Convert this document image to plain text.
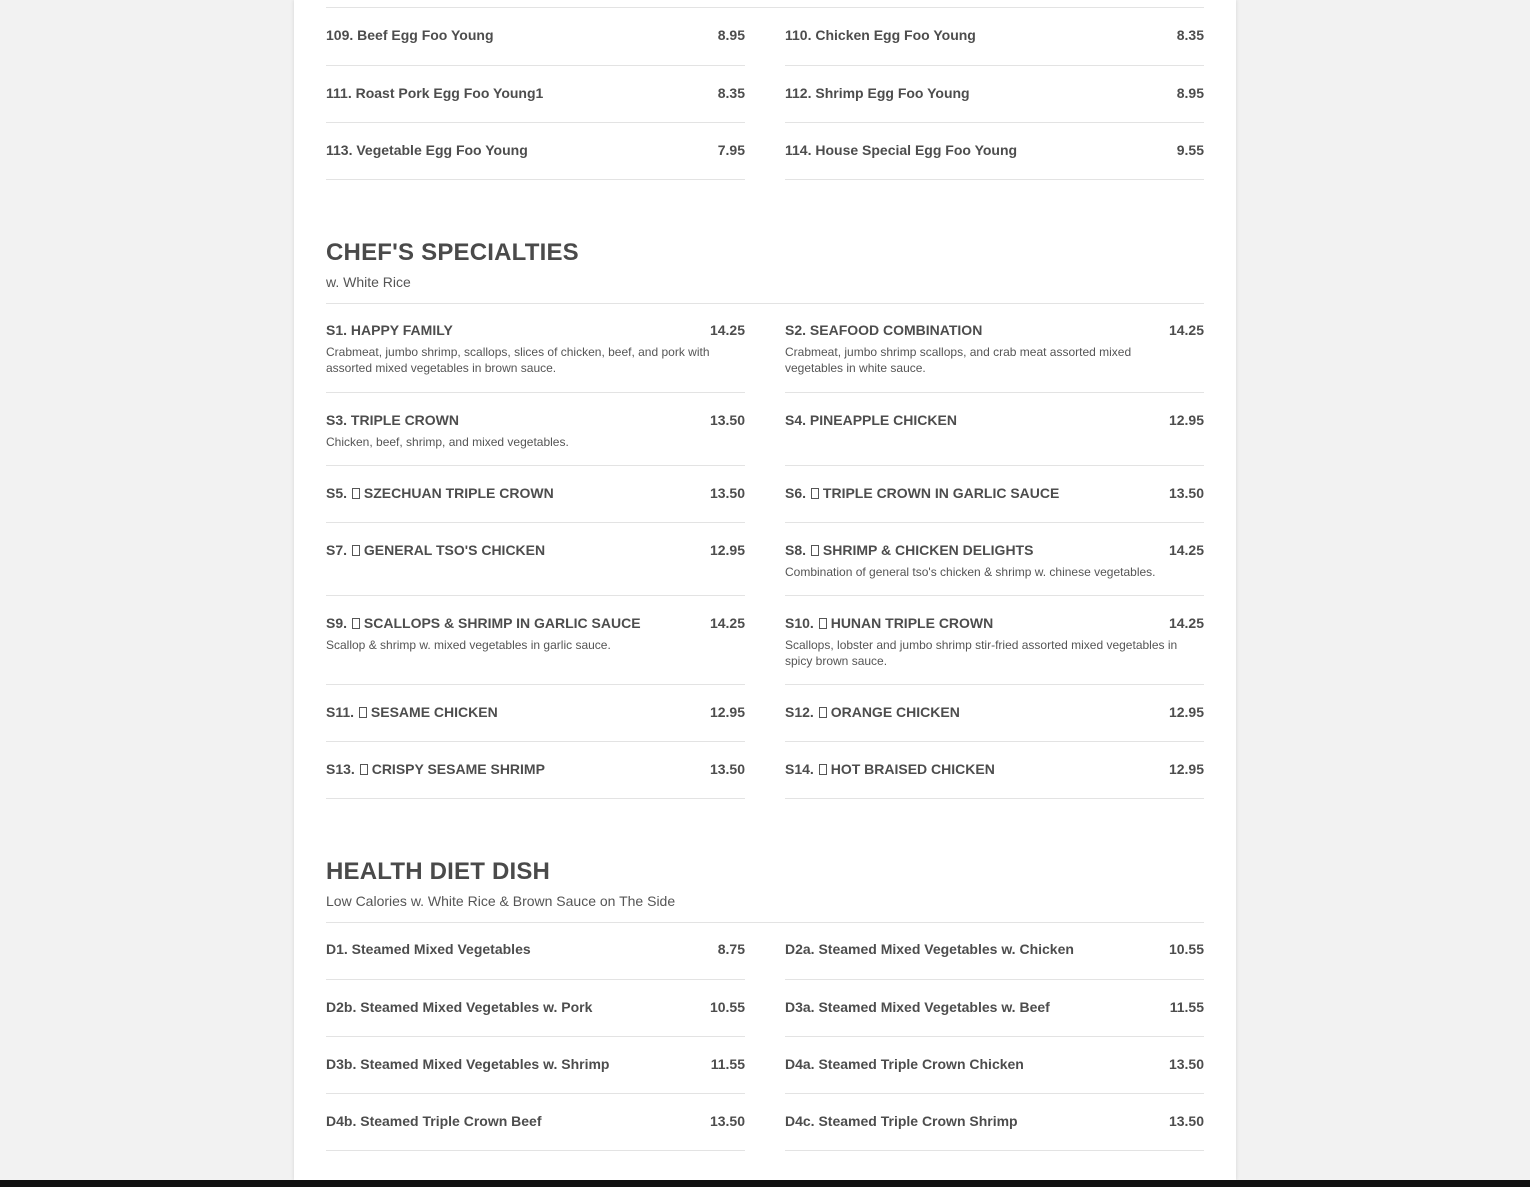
109. Beef Egg Foo Young	8.95	110. Chicken Egg Foo Young	8.35
111. Roast Pork Egg Foo Young1	8.35	112. Shrimp Egg Foo Young	8.95
113. Vegetable Egg Foo Young	7.95	114. House Special Egg Foo Young	9.55
CHEF'S SPECIALTIES
w. White Rice
S1. HAPPY FAMILY	14.25
Crabmeat, jumbo shrimp, scallops, slices of chicken, beef, and pork with assorted mixed vegetables in brown sauce.
S2. SEAFOOD COMBINATION	14.25
Crabmeat, jumbo shrimp scallops, and crab meat assorted mixed vegetables in white sauce.
S3. TRIPLE CROWN	13.50
Chicken, beef, shrimp, and mixed vegetables.
S4. PINEAPPLE CHICKEN	12.95
S5. SZECHUAN TRIPLE CROWN	13.50	S6. TRIPLE CROWN IN GARLIC SAUCE	13.50
S7. GENERAL TSO'S CHICKEN	12.95	S8. SHRIMP & CHICKEN DELIGHTS	14.25
Combination of general tso's chicken & shrimp w. chinese vegetables.
S9. SCALLOPS & SHRIMP IN GARLIC SAUCE	14.25
Scallop & shrimp w. mixed vegetables in garlic sauce.
S10. HUNAN TRIPLE CROWN	14.25
Scallops, lobster and jumbo shrimp stir-fried assorted mixed vegetables in spicy brown sauce.
S11. SESAME CHICKEN	12.95	S12. ORANGE CHICKEN	12.95
S13. CRISPY SESAME SHRIMP	13.50	S14. HOT BRAISED CHICKEN	12.95
HEALTH DIET DISH
Low Calories w. White Rice & Brown Sauce on The Side
D1. Steamed Mixed Vegetables	8.75	D2a. Steamed Mixed Vegetables w. Chicken	10.55
D2b. Steamed Mixed Vegetables w. Pork	10.55	D3a. Steamed Mixed Vegetables w. Beef	11.55
D3b. Steamed Mixed Vegetables w. Shrimp	11.55	D4a. Steamed Triple Crown Chicken	13.50
D4b. Steamed Triple Crown Beef	13.50	D4c. Steamed Triple Crown Shrimp	13.50
